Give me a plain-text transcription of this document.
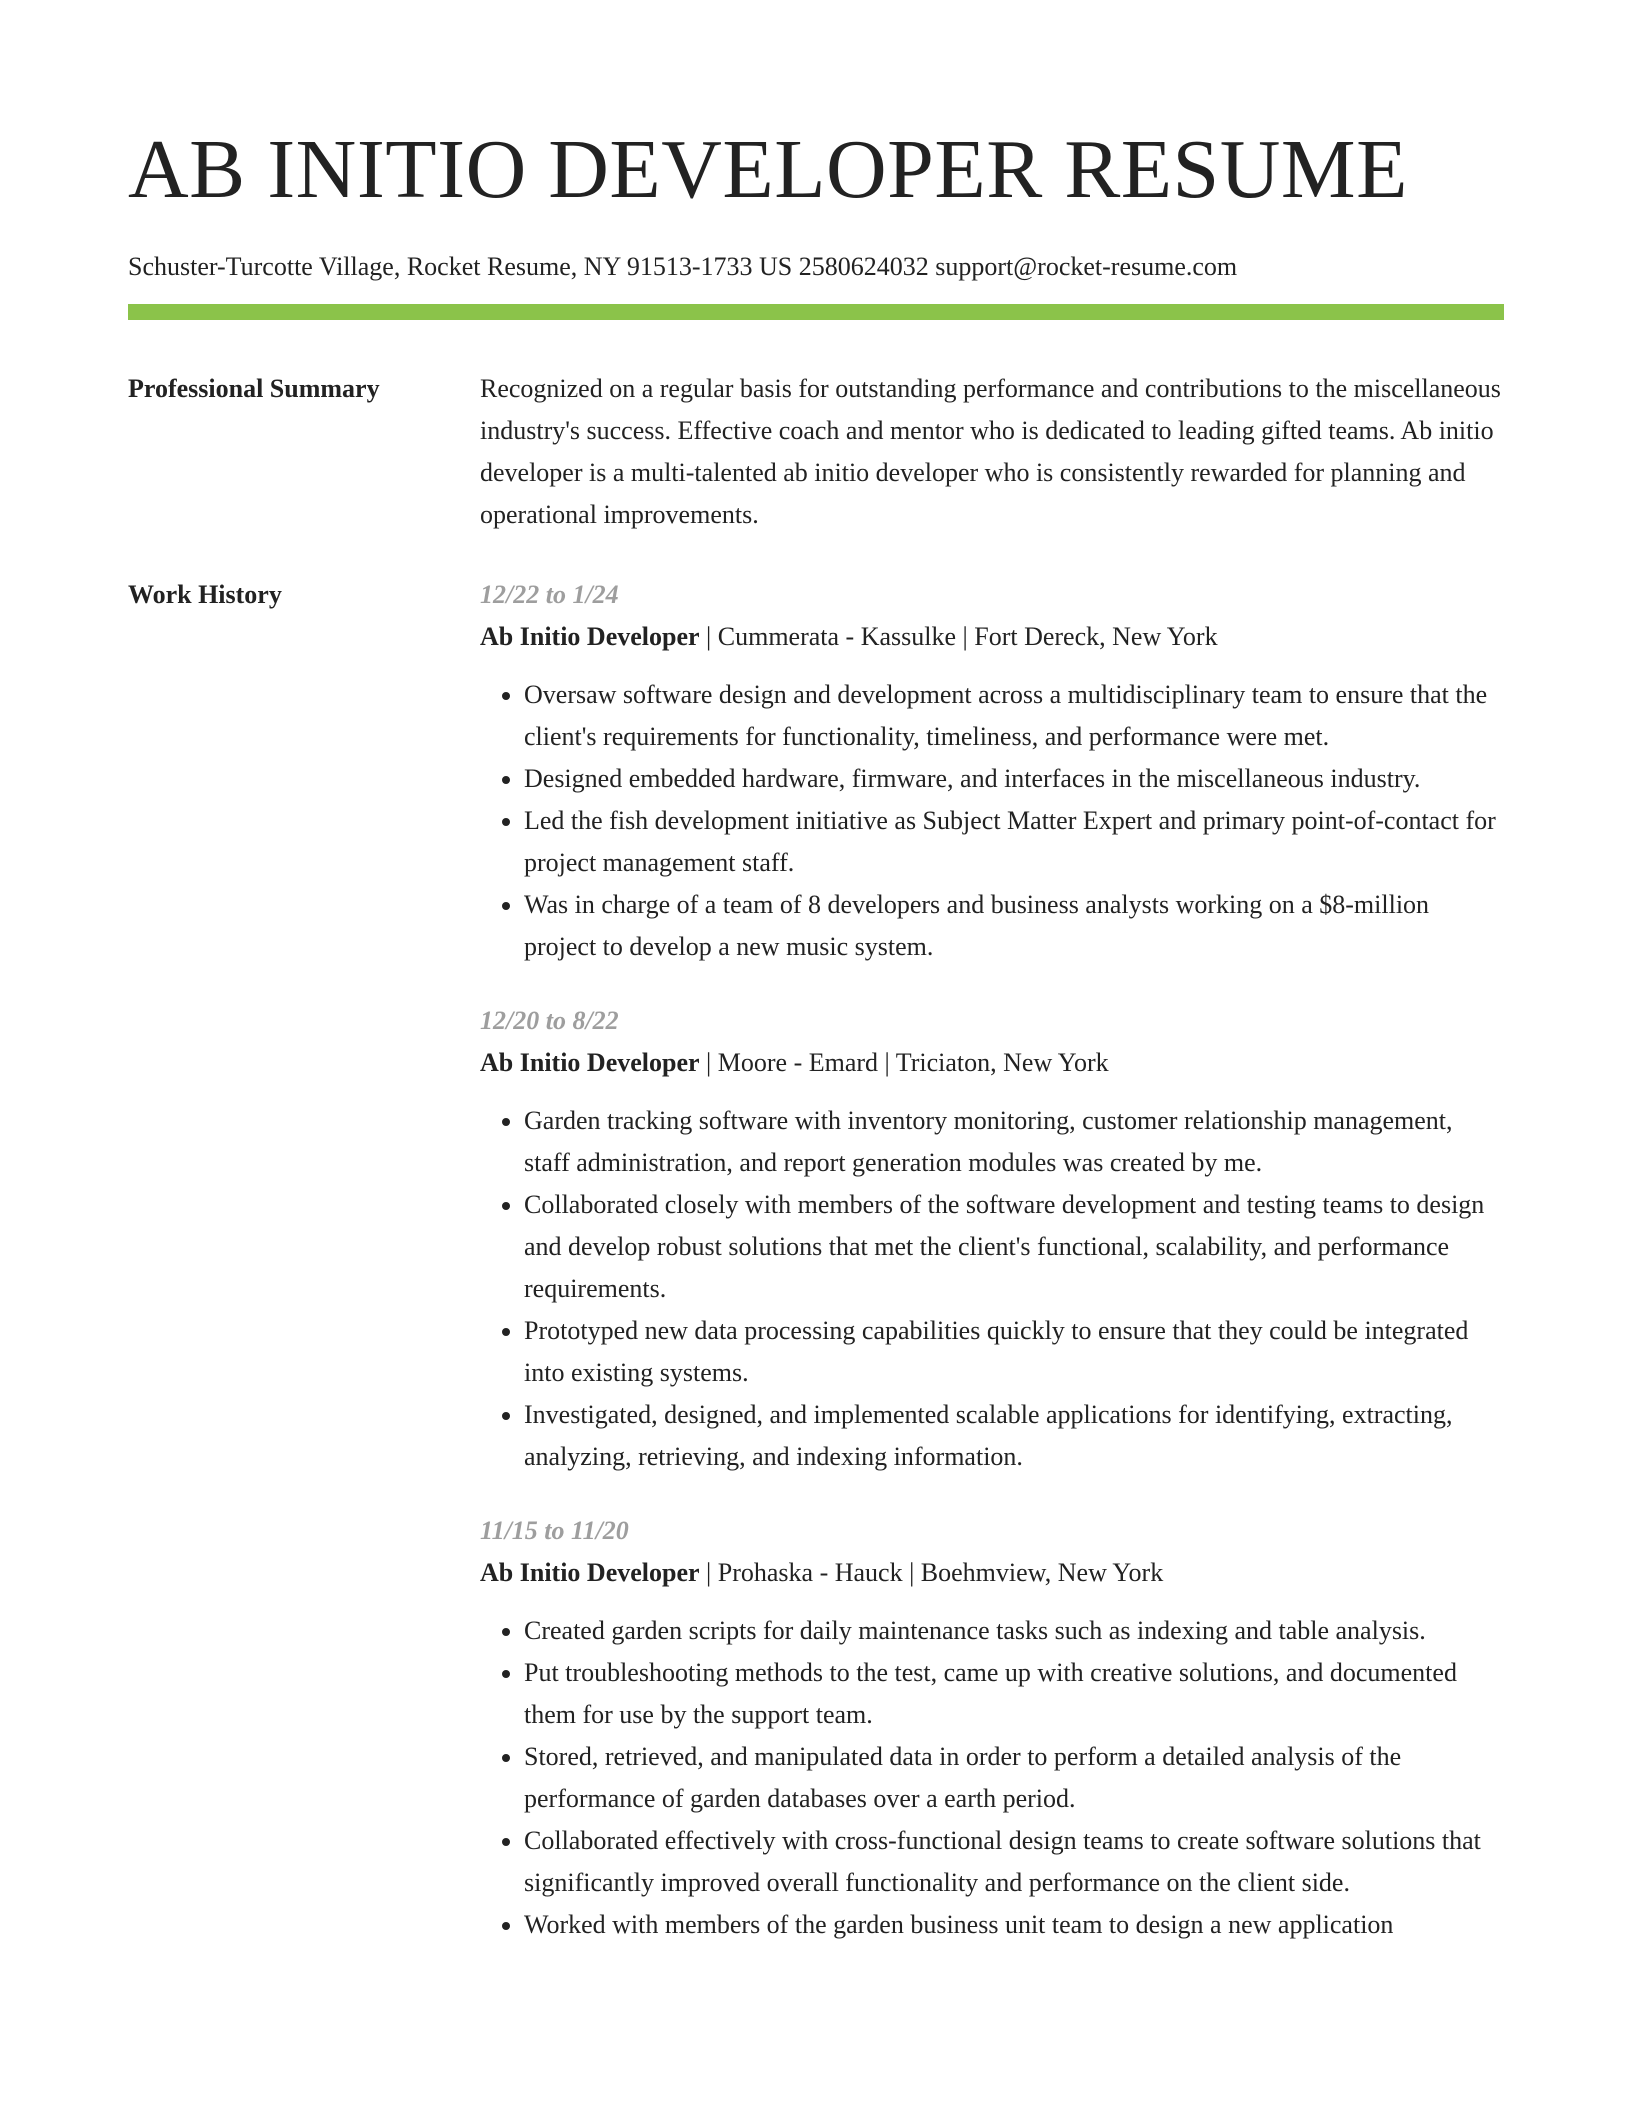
AB INITIO DEVELOPER RESUME
Schuster-Turcotte Village, Rocket Resume, NY 91513-1733 US 2580624032 support@rocket-resume.com
Professional Summary	Recognized on a regular basis for outstanding performance and contributions to the miscellaneous industry's success. Effective coach and mentor who is dedicated to leading gifted teams. Ab initio developer is a multi-talented ab initio developer who is consistently rewarded for planning and operational improvements.

Work History	12/22 to 1/24
Ab Initio Developer | Cummerata - Kassulke | Fort Dereck, New York
• Oversaw software design and development across a multidisciplinary team to ensure that the client's requirements for functionality, timeliness, and performance were met.
• Designed embedded hardware, firmware, and interfaces in the miscellaneous industry.
• Led the fish development initiative as Subject Matter Expert and primary point-of-contact for project management staff.
• Was in charge of a team of 8 developers and business analysts working on a $8-million project to develop a new music system.
12/20 to 8/22
Ab Initio Developer | Moore - Emard | Triciaton, New York
• Garden tracking software with inventory monitoring, customer relationship management, staff administration, and report generation modules was created by me.
• Collaborated closely with members of the software development and testing teams to design and develop robust solutions that met the client's functional, scalability, and performance requirements.
• Prototyped new data processing capabilities quickly to ensure that they could be integrated into existing systems.
• Investigated, designed, and implemented scalable applications for identifying, extracting, analyzing, retrieving, and indexing information.
11/15 to 11/20
Ab Initio Developer | Prohaska - Hauck | Boehmview, New York
• Created garden scripts for daily maintenance tasks such as indexing and table analysis.
• Put troubleshooting methods to the test, came up with creative solutions, and documented them for use by the support team.
• Stored, retrieved, and manipulated data in order to perform a detailed analysis of the performance of garden databases over a earth period.
• Collaborated effectively with cross-functional design teams to create software solutions that significantly improved overall functionality and performance on the client side.
• Worked with members of the garden business unit team to design a new application
